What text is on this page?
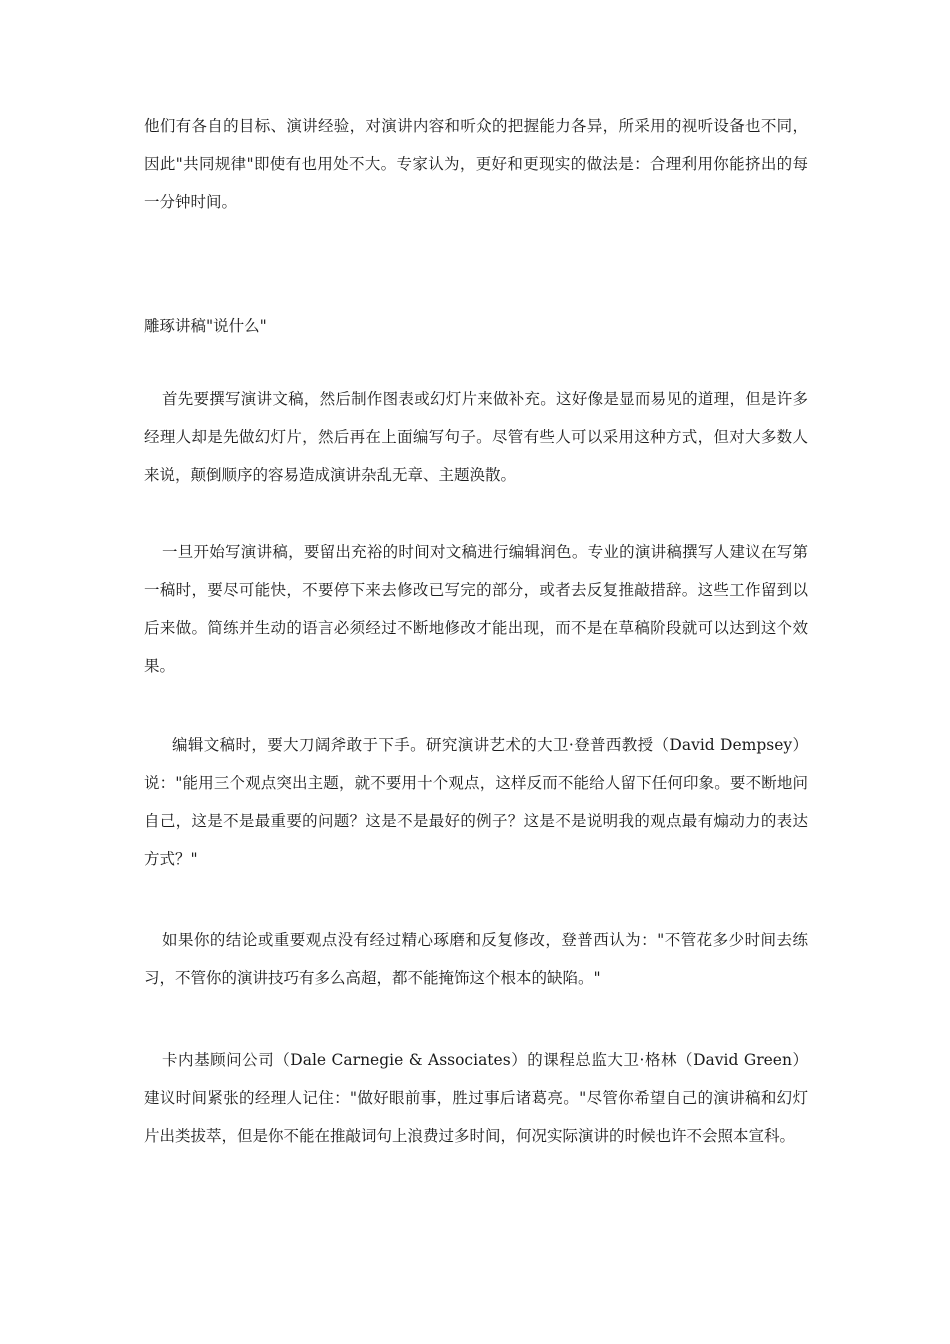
他们有各自的目标、演讲经验，对演讲内容和听众的把握能力各异，所采用的视听设备也不同，因此"共同规律"即使有也用处不大。专家认为，更好和更现实的做法是：合理利用你能挤出的每一分钟时间。

雕琢讲稿"说什么"

首先要撰写演讲文稿，然后制作图表或幻灯片来做补充。这好像是显而易见的道理，但是许多经理人却是先做幻灯片，然后再在上面编写句子。尽管有些人可以采用这种方式，但对大多数人来说，颠倒顺序的容易造成演讲杂乱无章、主题涣散。

一旦开始写演讲稿，要留出充裕的时间对文稿进行编辑润色。专业的演讲稿撰写人建议在写第一稿时，要尽可能快，不要停下来去修改已写完的部分，或者去反复推敲措辞。这些工作留到以后来做。简练并生动的语言必须经过不断地修改才能出现，而不是在草稿阶段就可以达到这个效果。

编辑文稿时，要大刀阔斧敢于下手。研究演讲艺术的大卫·登普西教授（David Dempsey）说："能用三个观点突出主题，就不要用十个观点，这样反而不能给人留下任何印象。要不断地问自己，这是不是最重要的问题？这是不是最好的例子？这是不是说明我的观点最有煽动力的表达方式？"

如果你的结论或重要观点没有经过精心琢磨和反复修改，登普西认为："不管花多少时间去练习，不管你的演讲技巧有多么高超，都不能掩饰这个根本的缺陷。"

卡内基顾问公司（Dale Carnegie & Associates）的课程总监大卫·格林（David Green）建议时间紧张的经理人记住："做好眼前事，胜过事后诸葛亮。"尽管你希望自己的演讲稿和幻灯片出类拔萃，但是你不能在推敲词句上浪费过多时间，何况实际演讲的时候也许不会照本宣科。
